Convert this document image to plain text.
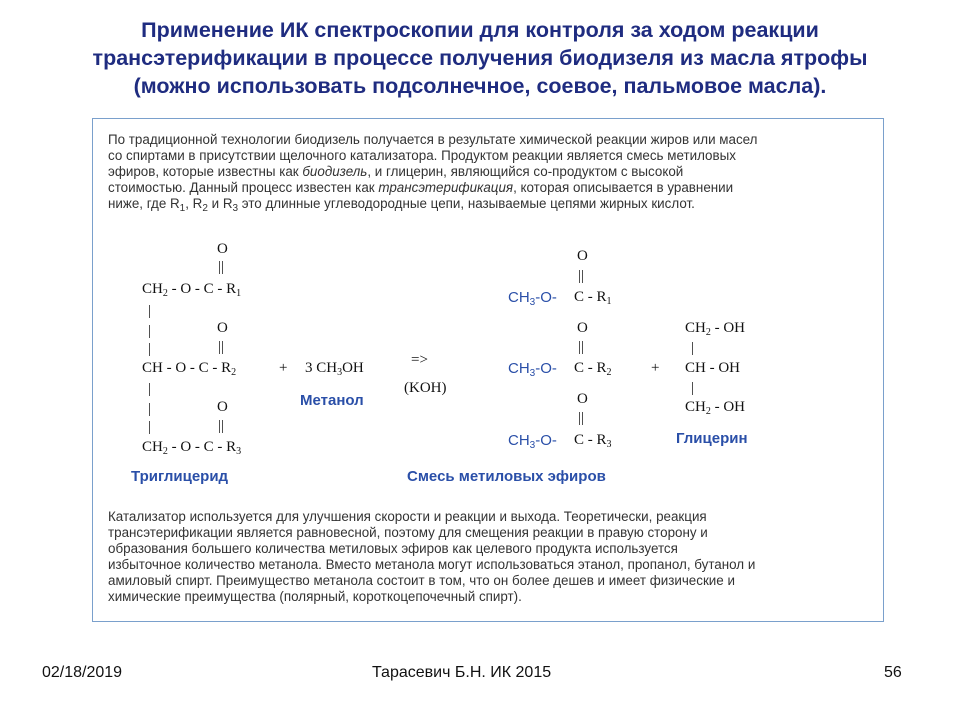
Применение ИК спектроскопии для контроля за ходом реакции
трансэтерификации в процессе получения биодизеля из масла ятрофы
(можно использовать подсолнечное, соевое, пальмовое масла).
По традиционной технологии биодизель получается в результате химической реакции жиров или масел
со спиртами в присутствии щелочного катализатора. Продуктом реакции является смесь метиловых
эфиров, которые известны как биодизель, и глицерин, являющийся со-продуктом с высокой
стоимостью. Данный процесс известен как трансэтерификация, которая описывается в уравнении
ниже, где $R_1$, $R_2$ и $R_3$ это длинные углеводородные цепи, называемые цепями жирных кислот.
O
||
$CH_2$ - O - C - $R_1$
|
|	O
|	||
CH - O - C - $R_2$	+ 3 $CH_3OH$	=>
(KOH)
|
|	O
|	||
$CH_2$ - O - C - $R_3$
O
||
$CH_3-O-$ C - $R_1$
O
||
$CH_3-O-$ C - $R_2$	+
O
||
$CH_3-O-$ C - $R_3$
$CH_2$ - OH
|
CH - OH
|
$CH_2$ - OH
Метанол
Триглицерид	Смесь метиловых эфиров
Глицерин
Катализатор используется для улучшения скорости и реакции и выхода. Теоретически, реакция
трансэтерификации является равновесной, поэтому для смещения реакции в правую сторону и
образования большего количества метиловых эфиров как целевого продукта используется
избыточное количество метанола. Вместо метанола могут использоваться этанол, пропанол, бутанол и
амиловый спирт. Преимущество метанола состоит в том, что он более дешев и имеет физические и
химические преимущества (полярный, короткоцепочечный спирт).
02/18/2019	Тарасевич Б.Н. ИК 2015	56
